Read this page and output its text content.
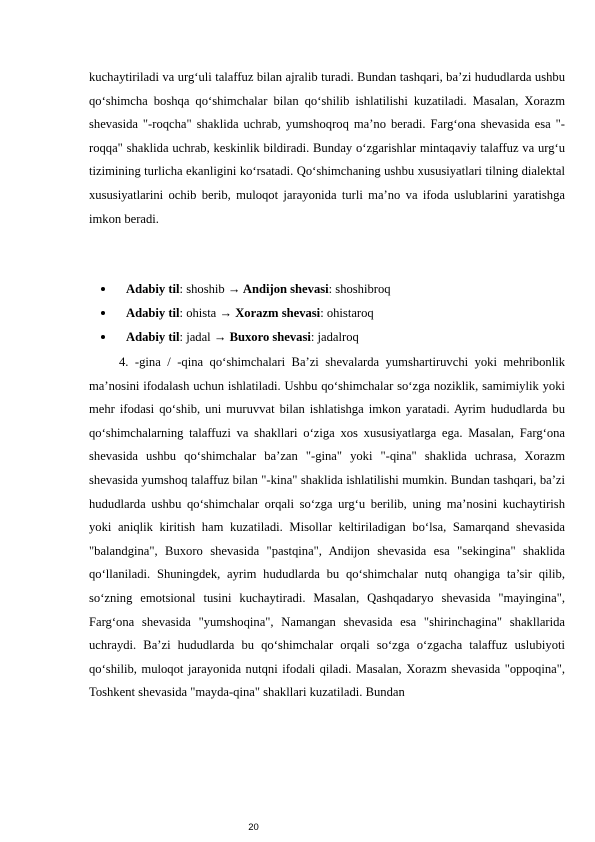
kuchaytiriladi va urg‘uli talaffuz bilan ajralib turadi. Bundan tashqari, ba’zi hududlarda ushbu qo‘shimcha boshqa qo‘shimchalar bilan qo‘shilib ishlatilishi kuzatiladi. Masalan, Xorazm shevasida "-roqcha" shaklida uchrab, yumshoqroq ma’no beradi. Farg‘ona shevasida esa "-roqqa" shaklida uchrab, keskinlik bildiradi. Bunday o‘zgarishlar mintaqaviy talaffuz va urg‘u tizimining turlicha ekanligini ko‘rsatadi. Qo‘shimchaning ushbu xususiyatlari tilning dialektal xususiyatlarini ochib berib, muloqot jarayonida turli ma’no va ifoda uslublarini yaratishga imkon beradi.

Adabiy til: shoshib → Andijon shevasi: shoshibroq
Adabiy til: ohista → Xorazm shevasi: ohistaroq
Adabiy til: jadal → Buxoro shevasi: jadalroq

4. -gina / -qina qo‘shimchalari Ba’zi shevalarda yumshartiruvchi yoki mehribonlik ma’nosini ifodalash uchun ishlatiladi. Ushbu qo‘shimchalar so‘zga noziklik, samimiylik yoki mehr ifodasi qo‘shib, uni muruvvat bilan ishlatishga imkon yaratadi. Ayrim hududlarda bu qo‘shimchalarning talaffuzi va shakllari o‘ziga xos xususiyatlarga ega. Masalan, Farg‘ona shevasida ushbu qo‘shimchalar ba’zan "-gina" yoki "-qina" shaklida uchrasa, Xorazm shevasida yumshoq talaffuz bilan "-kina" shaklida ishlatilishi mumkin. Bundan tashqari, ba’zi hududlarda ushbu qo‘shimchalar orqali so‘zga urg‘u berilib, uning ma’nosini kuchaytirish yoki aniqlik kiritish ham kuzatiladi. Misollar keltiriladigan bo‘lsa, Samarqand shevasida "balandgina", Buxoro shevasida "pastqina", Andijon shevasida esa "sekingina" shaklida qo‘llaniladi. Shuningdek, ayrim hududlarda bu qo‘shimchalar nutq ohangiga ta’sir qilib, so‘zning emotsional tusini kuchaytiradi. Masalan, Qashqadaryo shevasida "mayingina", Farg‘ona shevasida "yumshoqina", Namangan shevasida esa "shirinchagina" shakllarida uchraydi. Ba’zi hududlarda bu qo‘shimchalar orqali so‘zga o‘zgacha talaffuz uslubiyoti qo‘shilib, muloqot jarayonida nutqni ifodali qiladi. Masalan, Xorazm shevasida "oppoqina", Toshkent shevasida "mayda-qina" shakllari kuzatiladi. Bundan

20
